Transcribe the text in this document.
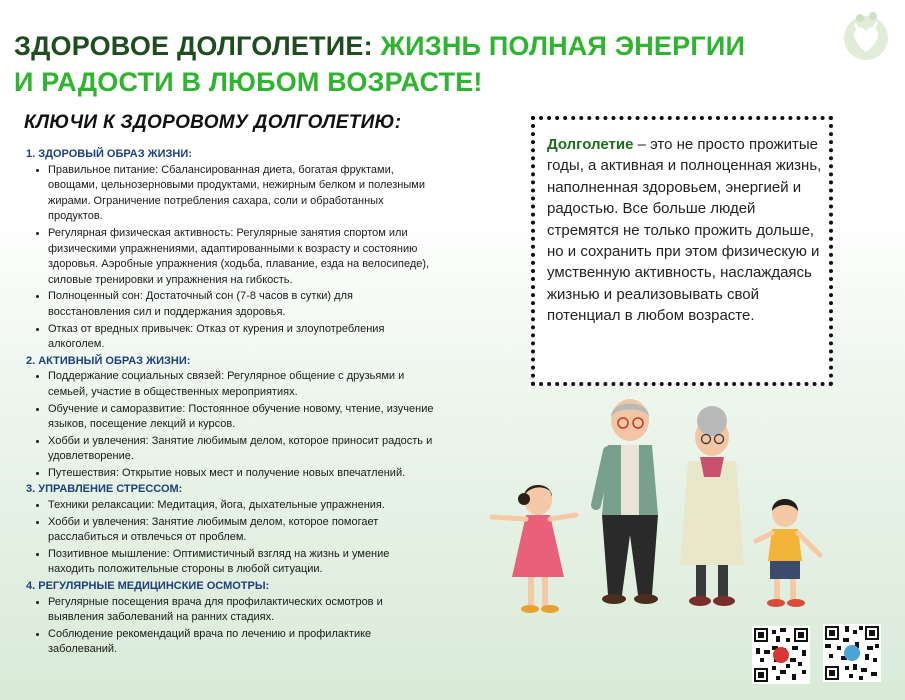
ЗДОРОВОЕ ДОЛГОЛЕТИЕ: ЖИЗНЬ ПОЛНАЯ ЭНЕРГИИ
И РАДОСТИ В ЛЮБОМ ВОЗРАСТЕ!
КЛЮЧИ К ЗДОРОВОМУ ДОЛГОЛЕТИЮ:
1. ЗДОРОВЫЙ ОБРАЗ ЖИЗНИ:
• Правильное питание: Сбалансированная диета, богатая фруктами, овощами, цельнозерновыми продуктами, нежирным белком и полезными жирами. Ограничение потребления сахара, соли и обработанных продуктов.
• Регулярная физическая активность: Регулярные занятия спортом или физическими упражнениями, адаптированными к возрасту и состоянию здоровья. Аэробные упражнения (ходьба, плавание, езда на велосипеде), силовые тренировки и упражнения на гибкость.
• Полноценный сон: Достаточный сон (7-8 часов в сутки) для восстановления сил и поддержания здоровья.
• Отказ от вредных привычек: Отказ от курения и злоупотребления алкоголем.
2. АКТИВНЫЙ ОБРАЗ ЖИЗНИ:
• Поддержание социальных связей: Регулярное общение с друзьями и семьей, участие в общественных мероприятиях.
• Обучение и саморазвитие: Постоянное обучение новому, чтение, изучение языков, посещение лекций и курсов.
• Хобби и увлечения: Занятие любимым делом, которое приносит радость и удовлетворение.
• Путешествия: Открытие новых мест и получение новых впечатлений.
3. УПРАВЛЕНИЕ СТРЕССОМ:
• Техники релаксации: Медитация, йога, дыхательные упражнения.
• Хобби и увлечения: Занятие любимым делом, которое помогает расслабиться и отвлечься от проблем.
• Позитивное мышление: Оптимистичный взгляд на жизнь и умение находить положительные стороны в любой ситуации.
4. РЕГУЛЯРНЫЕ МЕДИЦИНСКИЕ ОСМОТРЫ:
• Регулярные посещения врача для профилактических осмотров и выявления заболеваний на ранних стадиях.
• Соблюдение рекомендаций врача по лечению и профилактике заболеваний.

Долголетие – это не просто прожитые годы, а активная и полноценная жизнь, наполненная здоровьем, энергией и радостью. Все больше людей стремятся не только прожить дольше, но и сохранить при этом физическую и умственную активность, наслаждаясь жизнью и реализовывать свой потенциал в любом возрасте.
